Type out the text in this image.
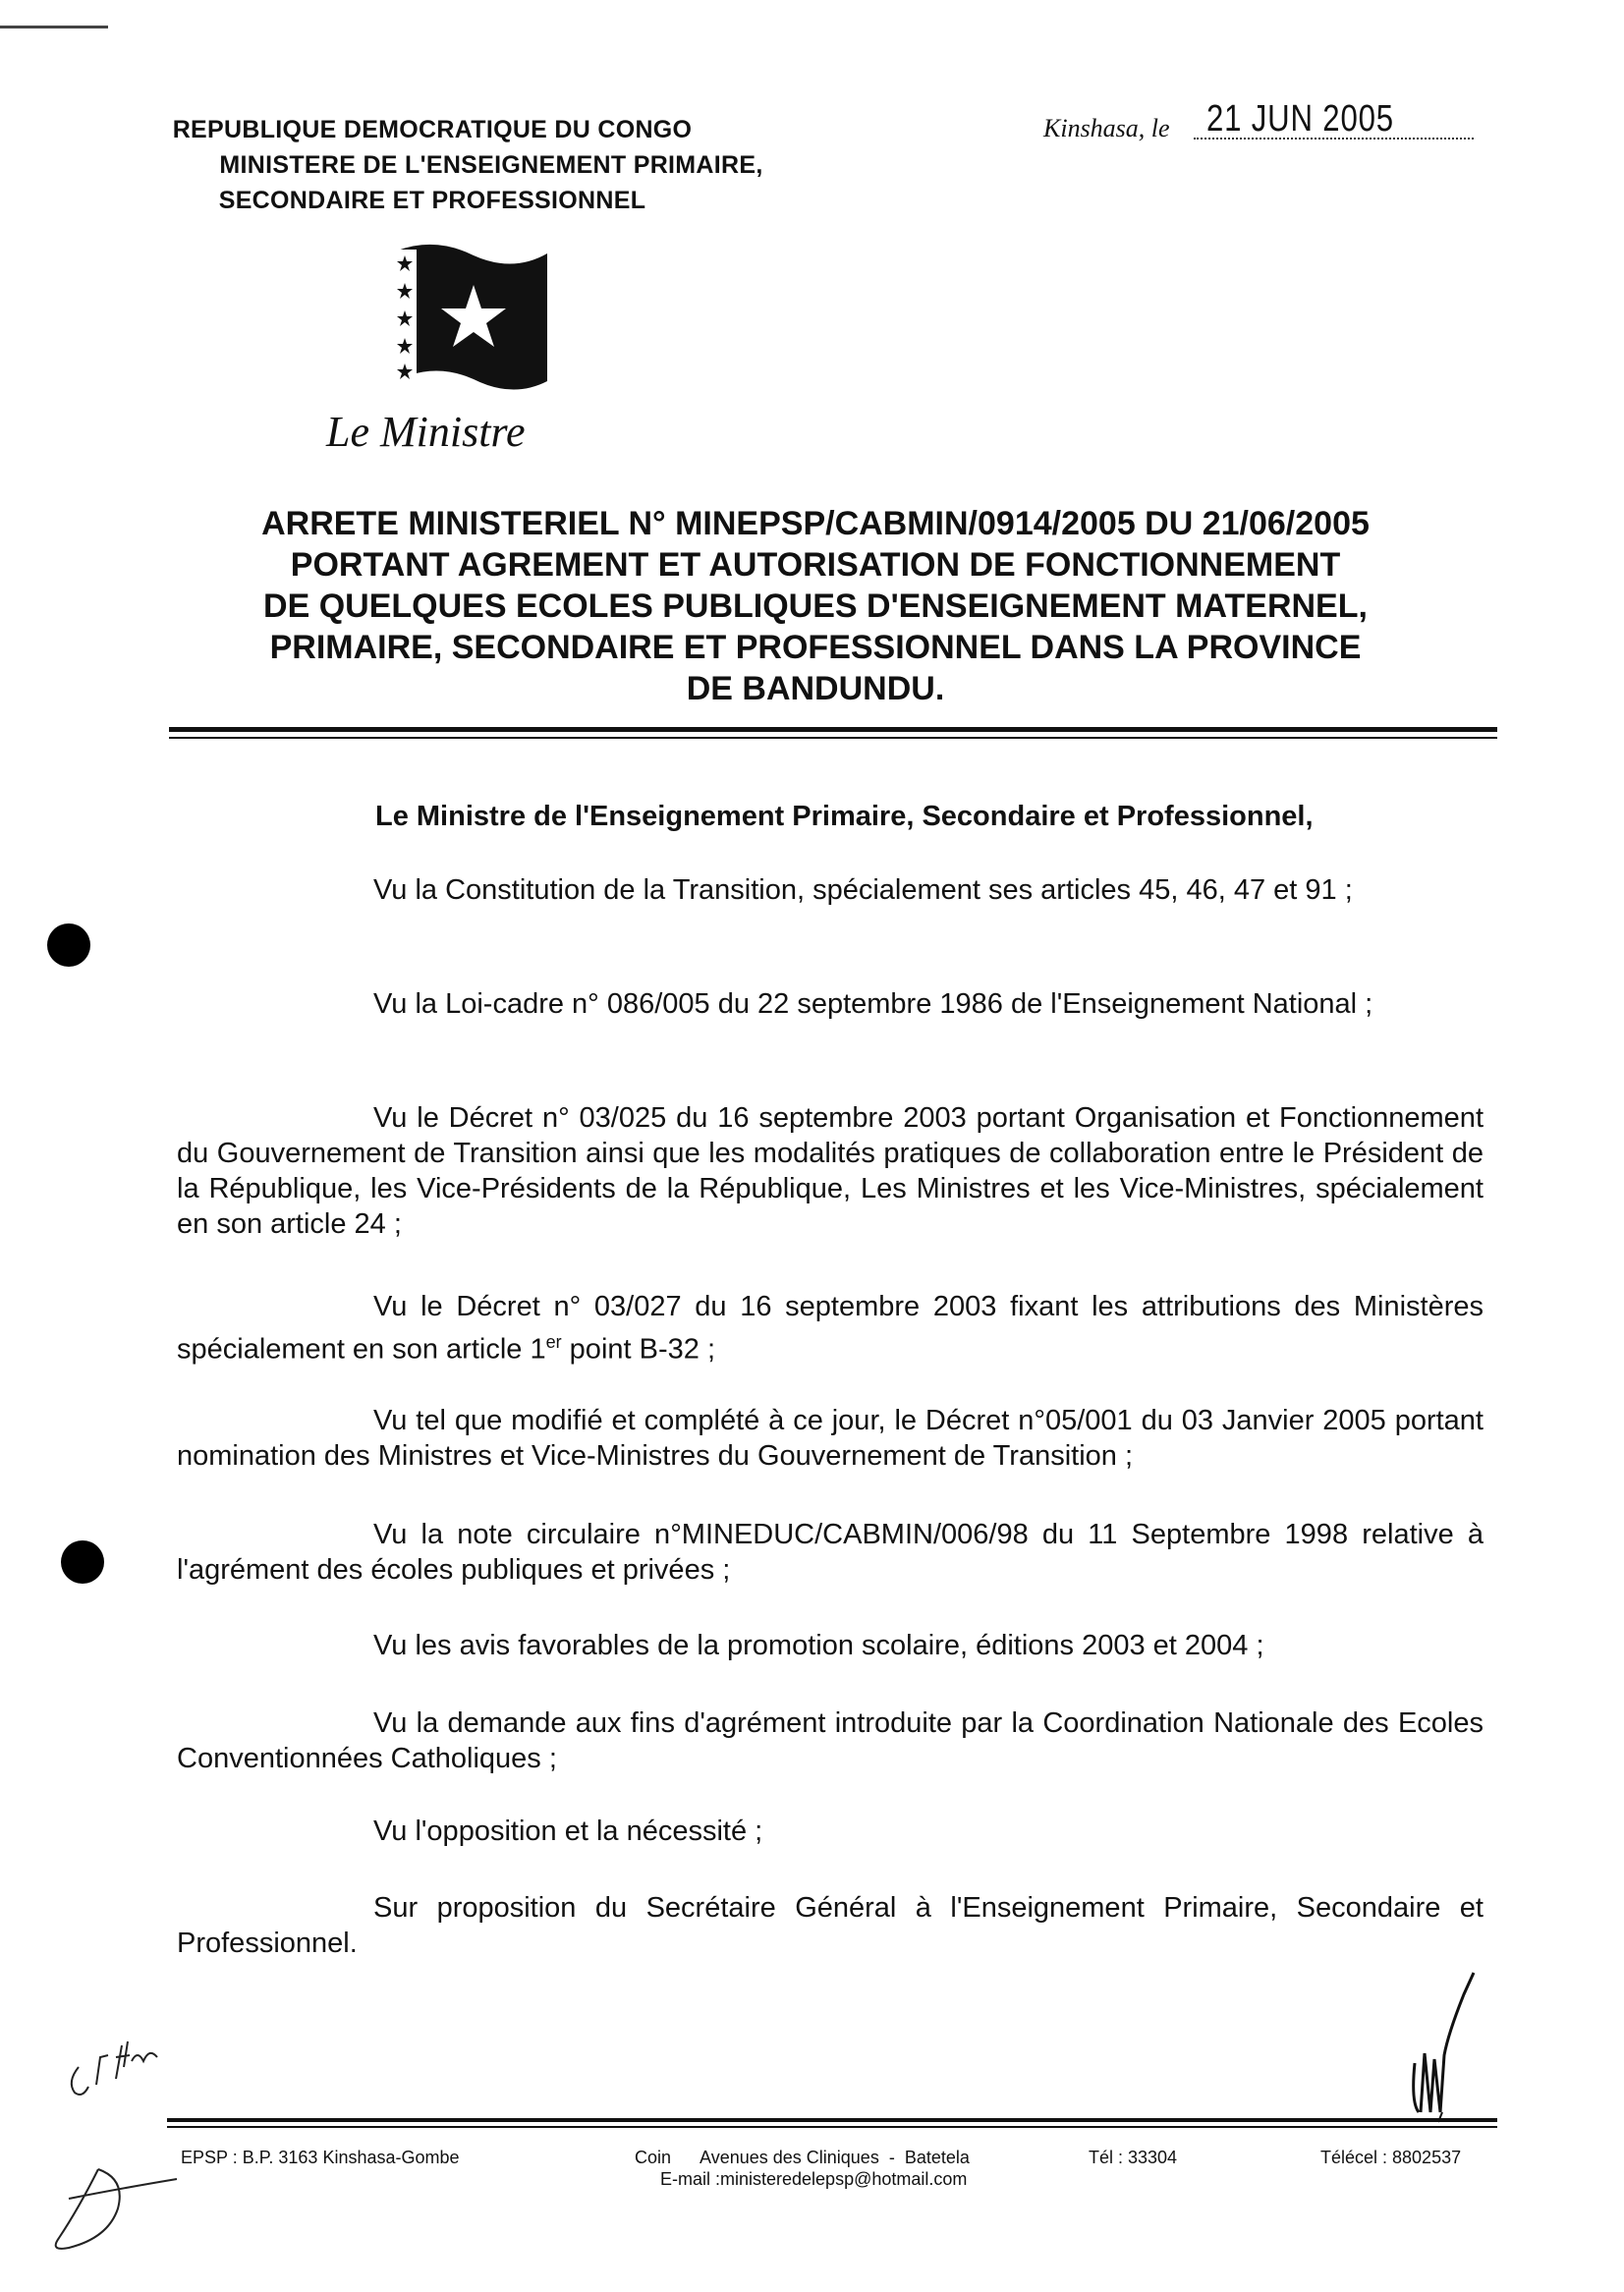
REPUBLIQUE DEMOCRATIQUE DU CONGO
MINISTERE DE L'ENSEIGNEMENT PRIMAIRE,
SECONDAIRE ET PROFESSIONNEL
Kinshasa, le 21 JUN 2005
Le Ministre
ARRETE MINISTERIEL N° MINEPSP/CABMIN/0914/2005 DU 21/06/2005
PORTANT AGREMENT ET AUTORISATION DE FONCTIONNEMENT
DE QUELQUES ECOLES PUBLIQUES D'ENSEIGNEMENT MATERNEL,
PRIMAIRE, SECONDAIRE ET PROFESSIONNEL DANS LA PROVINCE
DE BANDUNDU.
Le Ministre de l'Enseignement Primaire, Secondaire et Professionnel,
Vu la Constitution de la Transition, spécialement ses articles 45, 46, 47 et 91 ;
Vu la Loi-cadre n° 086/005 du 22 septembre 1986 de l'Enseignement National ;
Vu le Décret n° 03/025 du 16 septembre 2003 portant Organisation et Fonctionnement du Gouvernement de Transition ainsi que les modalités pratiques de collaboration entre le Président de la République, les Vice-Présidents de la République, Les Ministres et les Vice-Ministres, spécialement en son article 24 ;
Vu le Décret n° 03/027 du 16 septembre 2003 fixant les attributions des Ministères spécialement en son article 1er point B-32 ;
Vu tel que modifié et complété à ce jour, le Décret n°05/001 du 03 Janvier 2005 portant nomination des Ministres et Vice-Ministres du Gouvernement de Transition ;
Vu la note circulaire n°MINEDUC/CABMIN/006/98 du 11 Septembre 1998 relative à l'agrément des écoles publiques et privées ;
Vu les avis favorables de la promotion scolaire, éditions 2003 et 2004 ;
Vu la demande aux fins d'agrément introduite par la Coordination Nationale des Ecoles Conventionnées Catholiques ;
Vu l'opposition et la nécessité ;
Sur proposition du Secrétaire Général à l'Enseignement Primaire, Secondaire et Professionnel.
EPSP : B.P. 3163 Kinshasa-Gombe	Coin      Avenues des Cliniques  -  Batetela
E-mail :ministeredelepsp@hotmail.com
Tél : 33304	Télécel : 8802537
